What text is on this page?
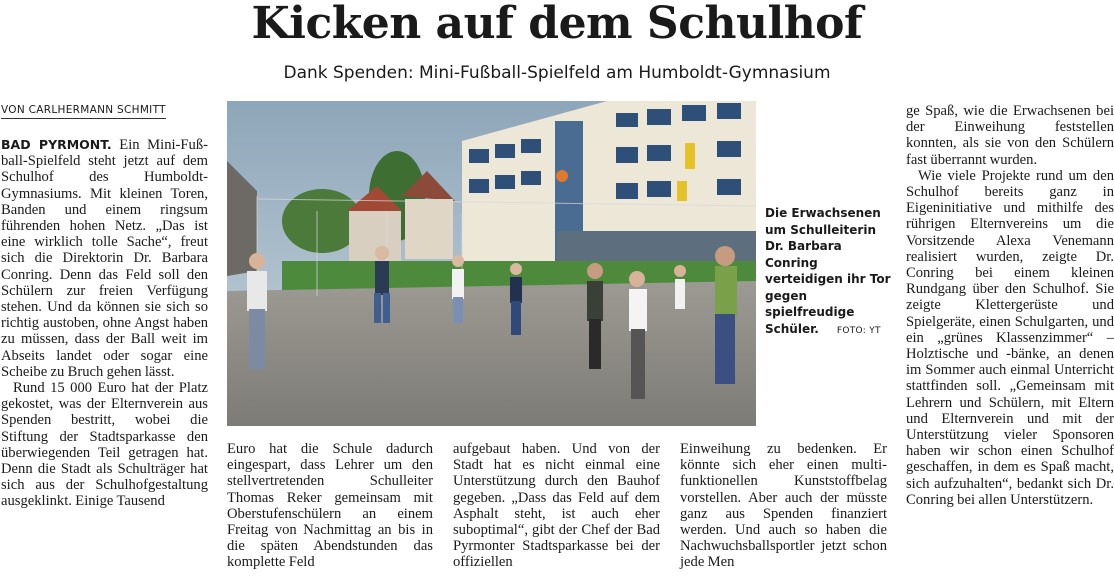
Kicken auf dem Schulhof
Dank Spenden: Mini-Fußball-Spielfeld am Humboldt-Gymnasium
VON CARLHERMANN SCHMITT

BAD PYRMONT. Ein Mini-Fußball-Spielfeld steht jetzt auf dem Schulhof des Humboldt-Gymnasiums. Mit kleinen Toren, Banden und einem ringsum führenden hohen Netz. „Das ist eine wirklich tolle Sache“, freut sich die Direktorin Dr. Barbara Conring. Denn das Feld soll den Schülern zur freien Verfügung stehen. Und da können sie sich so richtig austoben, ohne Angst haben zu müssen, dass der Ball weit im Abseits landet oder sogar eine Scheibe zu Bruch gehen lässt.

Rund 15 000 Euro hat der Platz gekostet, was der Elternverein aus Spenden bestritt, wobei die Stiftung der Stadtsparkasse den überwiegenden Teil getragen hat. Denn die Stadt als Schulträger hat sich aus der Schulhofgestaltung ausgeklinkt. Einige Tausend

Die Erwachsenen um Schulleiterin Dr. Barbara Conring verteidigen ihr Tor gegen spielfreudige Schüler. FOTO: YT

Euro hat die Schule dadurch eingespart, dass Lehrer um den stellvertretenden Schulleiter Thomas Reker gemeinsam mit Oberstufenschülern an einem Freitag von Nachmittag an bis in die späten Abendstunden das komplette Feld

aufgebaut haben. Und von der Stadt hat es nicht einmal eine Unterstützung durch den Bauhof gegeben. „Dass das Feld auf dem Asphalt steht, ist auch eher suboptimal“, gibt der Chef der Bad Pyrmonter Stadtsparkasse bei der offiziellen

Einweihung zu bedenken. Er könnte sich eher einen multifunktionellen Kunststoffbelag vorstellen. Aber auch der müsste ganz aus Spenden finanziert werden. Und auch so haben die Nachwuchsballsportler jetzt schon jede Men

ge Spaß, wie die Erwachsenen bei der Einweihung feststellen konnten, als sie von den Schülern fast überrannt wurden.

Wie viele Projekte rund um den Schulhof bereits ganz in Eigeninitiative und mithilfe des rührigen Elternvereins um die Vorsitzende Alexa Venemann realisiert wurden, zeigte Dr. Conring bei einem kleinen Rundgang über den Schulhof. Sie zeigte Klettergerüste und Spielgeräte, einen Schulgarten, und ein „grünes Klassenzimmer“ – Holztische und -bänke, an denen im Sommer auch einmal Unterricht stattfinden soll. „Gemeinsam mit Lehrern und Schülern, mit Eltern und Elternverein und mit der Unterstützung vieler Sponsoren haben wir schon einen Schulhof geschaffen, in dem es Spaß macht, sich aufzuhalten“, bedankt sich Dr. Conring bei allen Unterstützern.
